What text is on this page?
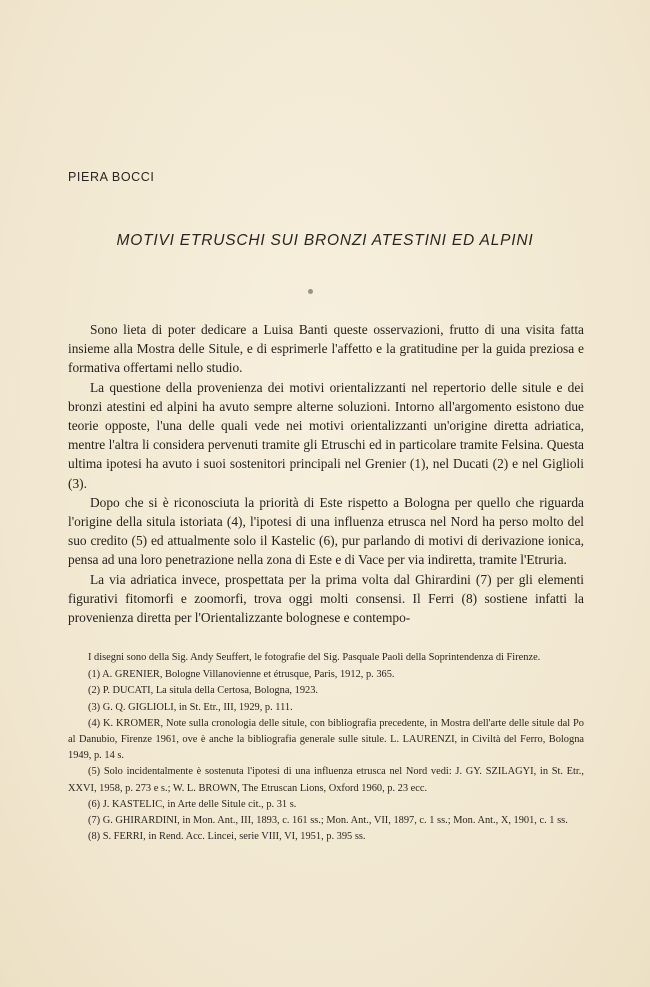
PIERA BOCCI
MOTIVI ETRUSCHI SUI BRONZI ATESTINI ED ALPINI

Sono lieta di poter dedicare a Luisa Banti queste osservazioni, frutto di una visita fatta insieme alla Mostra delle Situle, e di esprimerle l'affetto e la gratitudine per la guida preziosa e formativa offertami nello studio.

La questione della provenienza dei motivi orientalizzanti nel repertorio delle situle e dei bronzi atestini ed alpini ha avuto sempre alterne soluzioni. Intorno all'argomento esistono due teorie opposte, l'una delle quali vede nei motivi orientalizzanti un'origine diretta adriatica, mentre l'altra li considera pervenuti tramite gli Etruschi ed in particolare tramite Felsina. Questa ultima ipotesi ha avuto i suoi sostenitori principali nel Grenier (1), nel Ducati (2) e nel Giglioli (3).

Dopo che si è riconosciuta la priorità di Este rispetto a Bologna per quello che riguarda l'origine della situla istoriata (4), l'ipotesi di una influenza etrusca nel Nord ha perso molto del suo credito (5) ed attualmente solo il Kastelic (6), pur parlando di motivi di derivazione ionica, pensa ad una loro penetrazione nella zona di Este e di Vace per via indiretta, tramite l'Etruria.

La via adriatica invece, prospettata per la prima volta dal Ghirardini (7) per gli elementi figurativi fitomorfi e zoomorfi, trova oggi molti consensi. Il Ferri (8) sostiene infatti la provenienza diretta per l'Orientalizzante bolognese e contempo-

I disegni sono della Sig. Andy Seuffert, le fotografie del Sig. Pasquale Paoli della Soprintendenza di Firenze.

(1) A. GRENIER, Bologne Villanovienne et étrusque, Paris, 1912, p. 365.

(2) P. DUCATI, La situla della Certosa, Bologna, 1923.

(3) G. Q. GIGLIOLI, in St. Etr., III, 1929, p. 111.

(4) K. KROMER, Note sulla cronologia delle situle, con bibliografia precedente, in Mostra dell'arte delle situle dal Po al Danubio, Firenze 1961, ove è anche la bibliografia generale sulle situle. L. LAURENZI, in Civiltà del Ferro, Bologna 1949, p. 14 s.

(5) Solo incidentalmente è sostenuta l'ipotesi di una influenza etrusca nel Nord vedi: J. GY. SZILAGYI, in St. Etr., XXVI, 1958, p. 273 e s.; W. L. BROWN, The Etruscan Lions, Oxford 1960, p. 23 ecc.

(6) J. KASTELIC, in Arte delle Situle cit., p. 31 s.

(7) G. GHIRARDINI, in Mon. Ant., III, 1893, c. 161 ss.; Mon. Ant., VII, 1897, c. 1 ss.; Mon. Ant., X, 1901, c. 1 ss.

(8) S. FERRI, in Rend. Acc. Lincei, serie VIII, VI, 1951, p. 395 ss.
